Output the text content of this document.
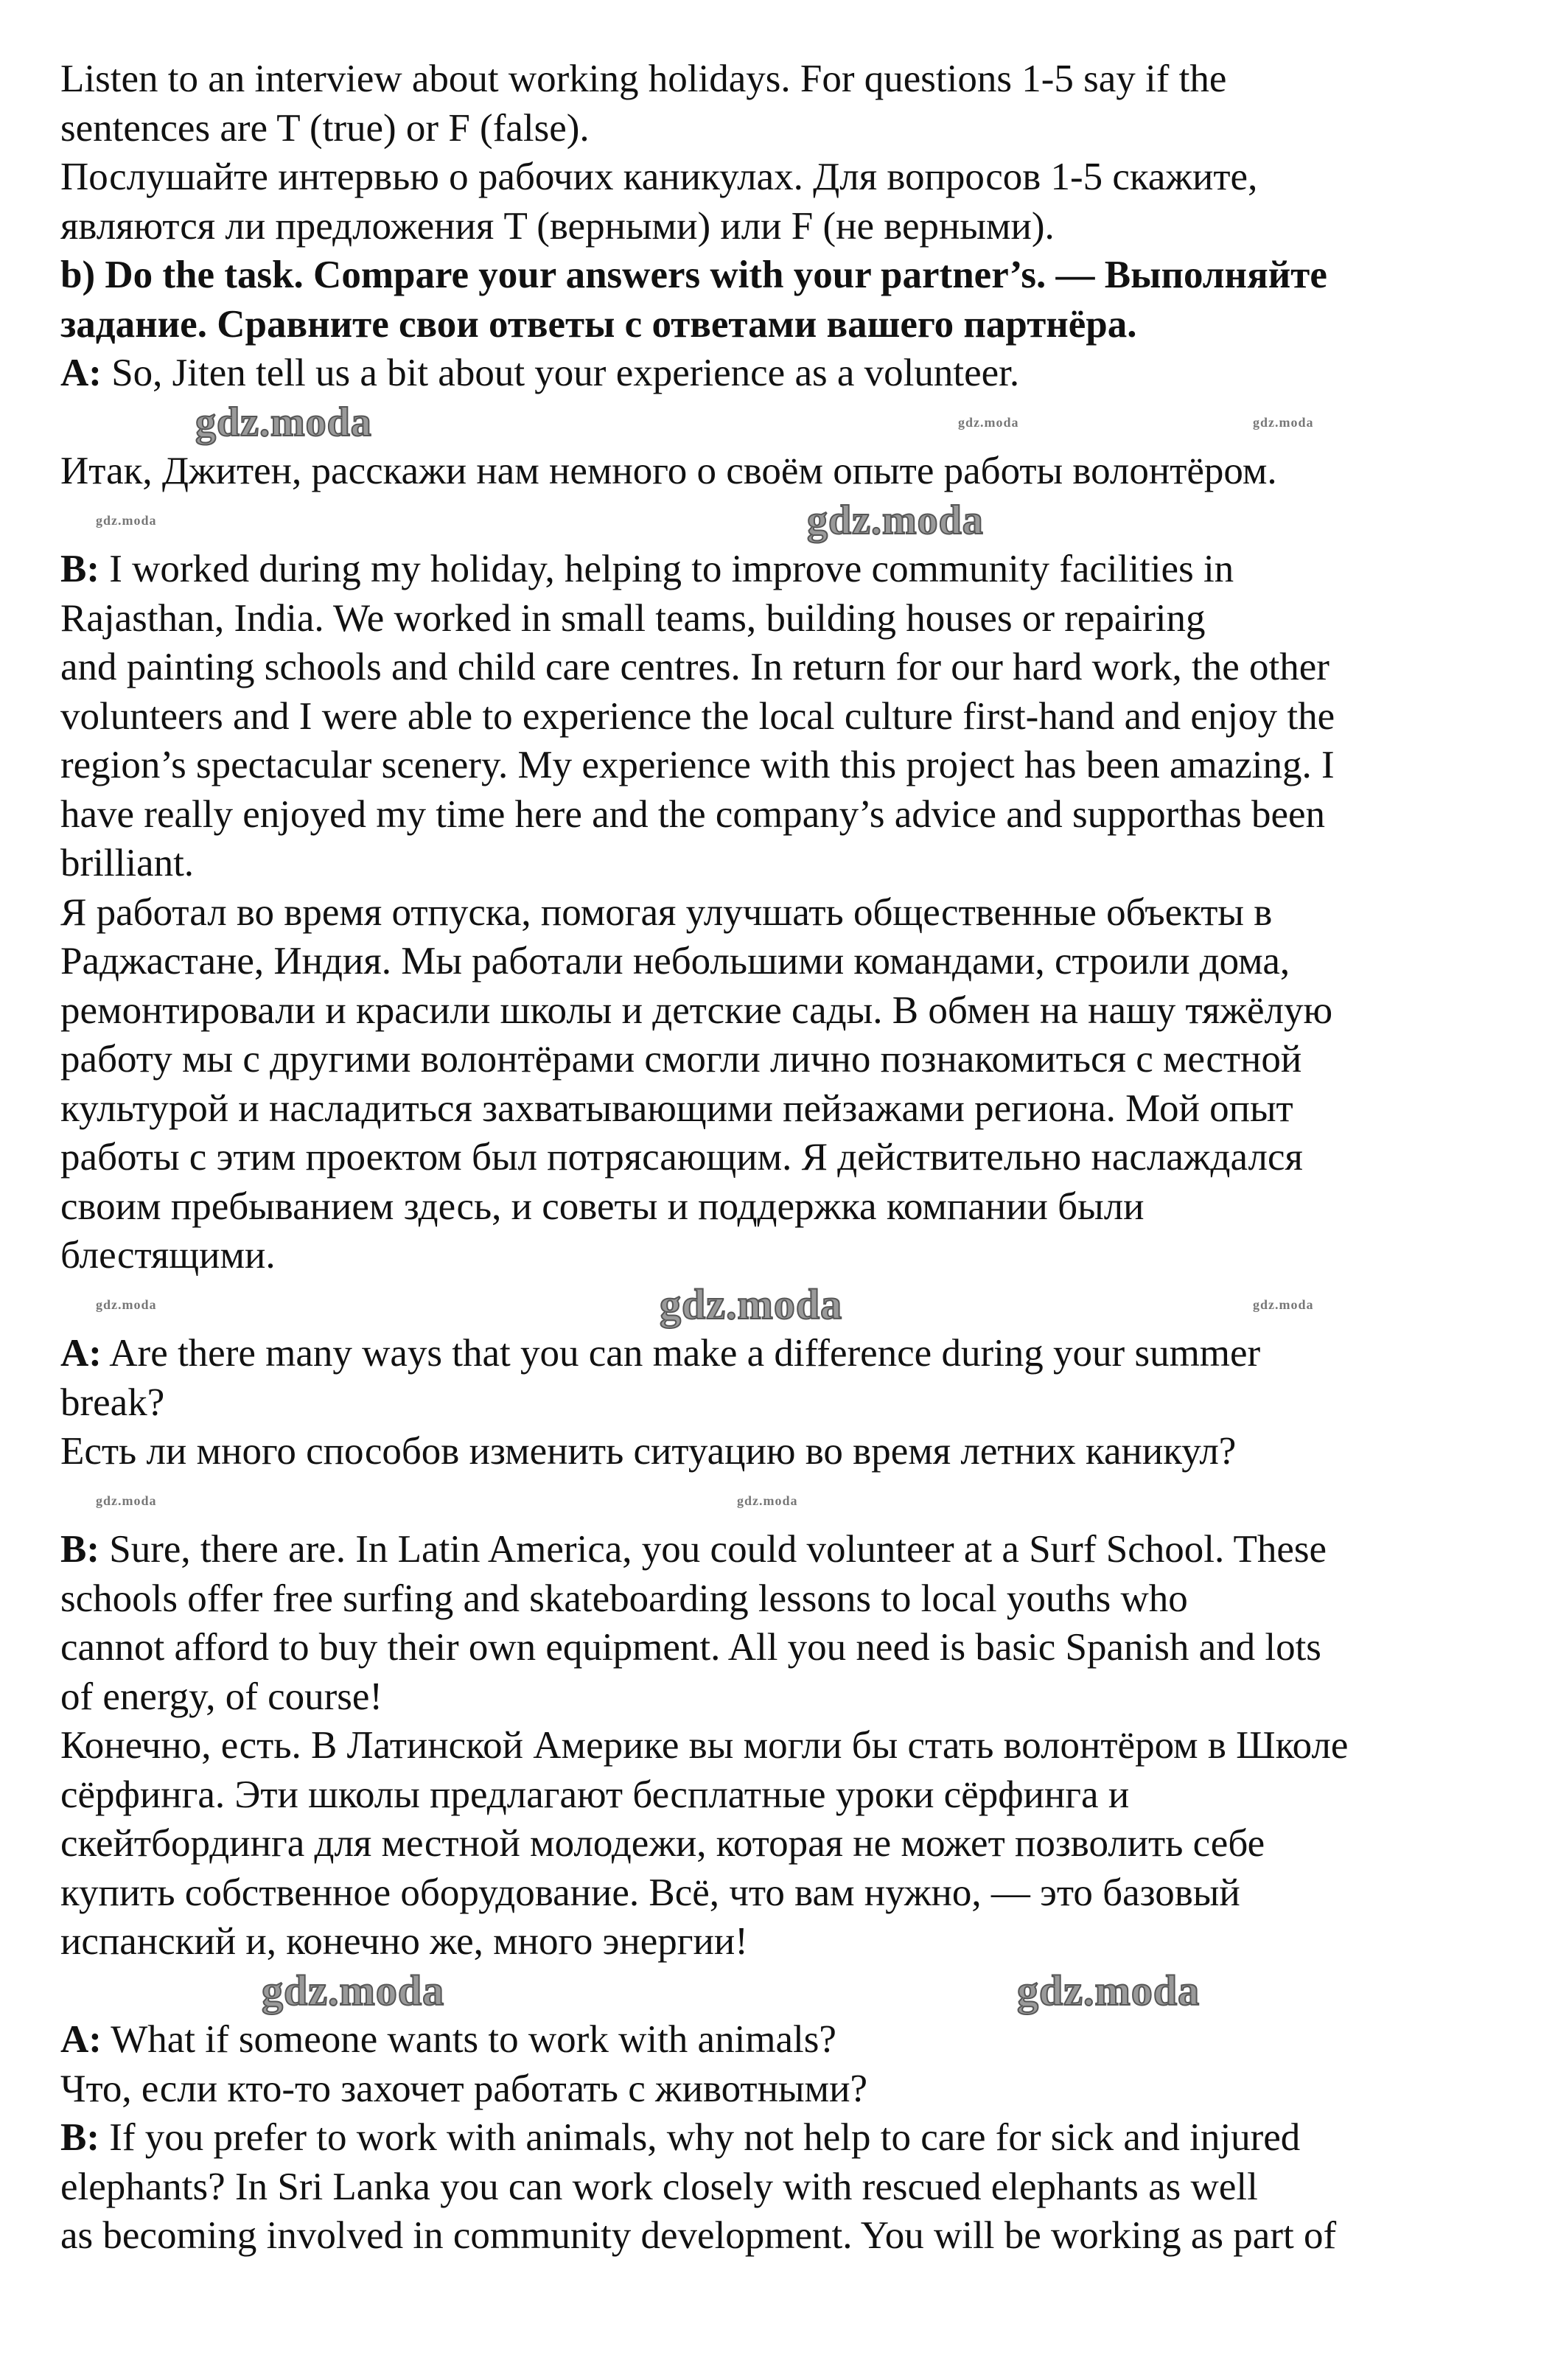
Listen to an interview about working holidays. For questions 1-5 say if the
sentences are T (true) or F (false).
Послушайте интервью о рабочих каникулах. Для вопросов 1-5 скажите,
являются ли предложения T (верными) или F (не верными).
b) Do the task. Compare your answers with your partner’s. — Выполняйте
задание. Сравните свои ответы с ответами вашего партнёра.
A: So, Jiten tell us a bit about your experience as a volunteer.
Итак, Джитен, расскажи нам немного о своём опыте работы волонтёром.
B: I worked during my holiday, helping to improve community facilities in
Rajasthan, India. We worked in small teams, building houses or repairing
and painting schools and child care centres. In return for our hard work, the other
volunteers and I were able to experience the local culture first-hand and enjoy the
region’s spectacular scenery. My experience with this project has been amazing. I
have really enjoyed my time here and the company’s advice and supporthas been
brilliant.
Я работал во время отпуска, помогая улучшать общественные объекты в
Раджастане, Индия. Мы работали небольшими командами, строили дома,
ремонтировали и красили школы и детские сады. В обмен на нашу тяжёлую
работу мы с другими волонтёрами смогли лично познакомиться с местной
культурой и насладиться захватывающими пейзажами региона. Мой опыт
работы с этим проектом был потрясающим. Я действительно наслаждался
своим пребыванием здесь, и советы и поддержка компании были
блестящими.
A: Are there many ways that you can make a difference during your summer
break?
Есть ли много способов изменить ситуацию во время летних каникул?
B: Sure, there are. In Latin America, you could volunteer at a Surf School. These
schools offer free surfing and skateboarding lessons to local youths who
cannot afford to buy their own equipment. All you need is basic Spanish and lots
of energy, of course!
Конечно, есть. В Латинской Америке вы могли бы стать волонтёром в Школе
сёрфинга. Эти школы предлагают бесплатные уроки сёрфинга и
скейтбординга для местной молодежи, которая не может позволить себе
купить собственное оборудование. Всё, что вам нужно, — это базовый
испанский и, конечно же, много энергии!
A: What if someone wants to work with animals?
Что, если кто-то захочет работать с животными?
B: If you prefer to work with animals, why not help to care for sick and injured
elephants? In Sri Lanka you can work closely with rescued elephants as well
as becoming involved in community development. You will be working as part of
gdz.moda	gdz.moda	gdz.moda
gdz.moda
gdz.moda
gdz.moda
gdz.moda	gdz.moda
gdz.moda	gdz.moda
gdz.moda	gdz.moda
